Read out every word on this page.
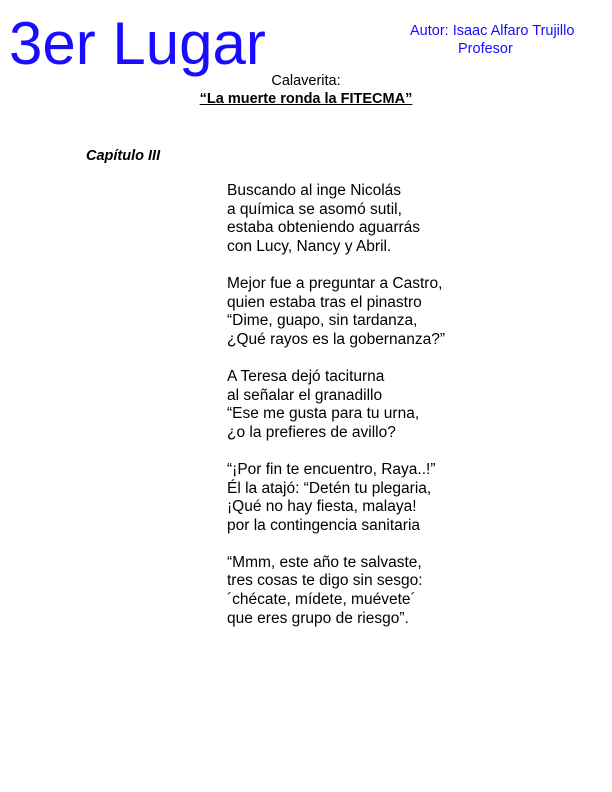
3er Lugar	Autor: Isaac Alfaro Trujillo
Profesor
Calaverita:
“La muerte ronda la FITECMA”
Capítulo III
Buscando al inge Nicolás
a química se asomó sutil,
estaba obteniendo aguarrás
con Lucy, Nancy y Abril.
Mejor fue a preguntar a Castro,
quien estaba tras el pinastro
“Dime, guapo, sin tardanza,
¿Qué rayos es la gobernanza?”
A Teresa dejó taciturna
al señalar el granadillo
“Ese me gusta para tu urna,
¿o la prefieres de avillo?
“¡Por fin te encuentro, Raya..!”
Él la atajó: “Detén tu plegaria,
¡Qué no hay fiesta, malaya!
por la contingencia sanitaria
“Mmm, este año te salvaste,
tres cosas te digo sin sesgo:
´chécate, mídete, muévete´
que eres grupo de riesgo”.
